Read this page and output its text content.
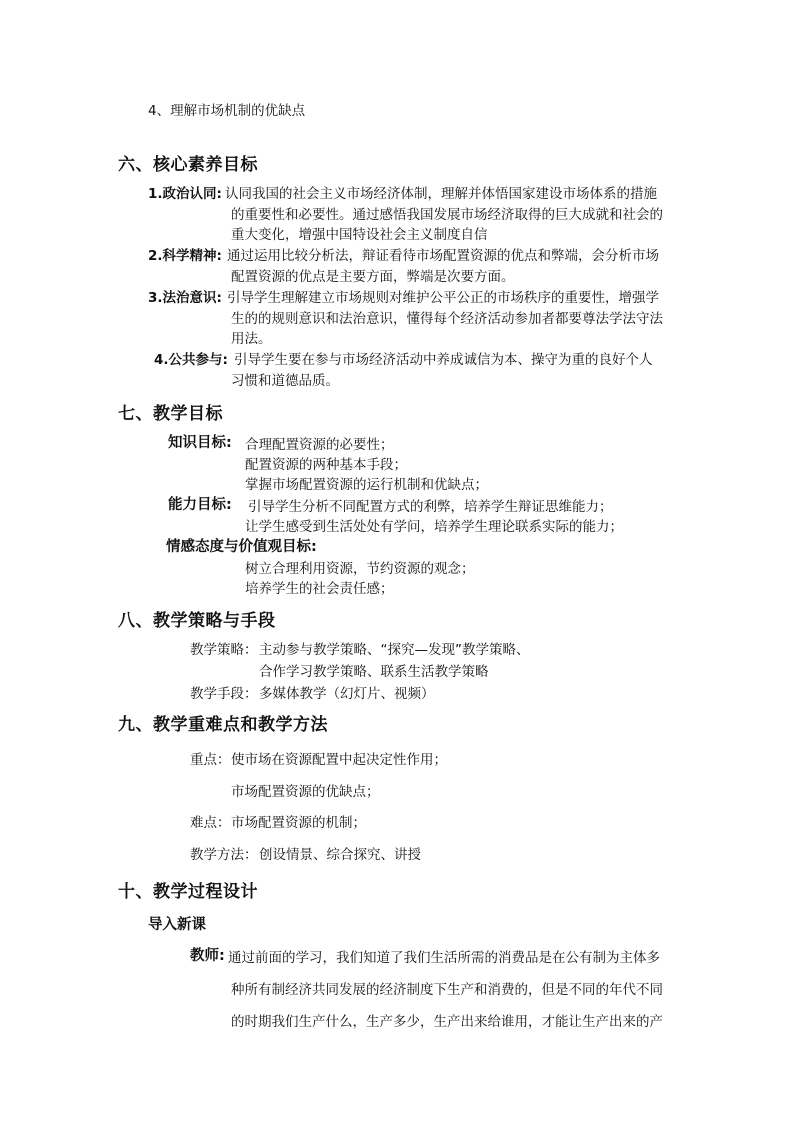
4、理解市场机制的优缺点
六、核心素养目标
1.政治认同: 认同我国的社会主义市场经济体制，理解并体悟国家建设市场体系的措施
的重要性和必要性。通过感悟我国发展市场经济取得的巨大成就和社会的
重大变化，增强中国特设社会主义制度自信
2.科学精神: 通过运用比较分析法，辩证看待市场配置资源的优点和弊端，会分析市场
配置资源的优点是主要方面，弊端是次要方面。
3.法治意识: 引导学生理解建立市场规则对维护公平公正的市场秩序的重要性，增强学
生的的规则意识和法治意识，懂得每个经济活动参加者都要尊法学法守法
用法。
4.公共参与: 引导学生要在参与市场经济活动中养成诚信为本、操守为重的良好个人
习惯和道德品质。
七、教学目标
知识目标: 合理配置资源的必要性；
配置资源的两种基本手段；
掌握市场配置资源的运行机制和优缺点；
能力目标: 引导学生分析不同配置方式的利弊，培养学生辩证思维能力；
让学生感受到生活处处有学问，培养学生理论联系实际的能力；
情感态度与价值观目标:
树立合理利用资源，节约资源的观念；
培养学生的社会责任感；
八、教学策略与手段
教学策略： 主动参与教学策略、“探究—发现”教学策略、
合作学习教学策略、联系生活教学策略
教学手段： 多媒体教学（幻灯片、视频）
九、教学重难点和教学方法
重点： 使市场在资源配置中起决定性作用；
市场配置资源的优缺点；
难点： 市场配置资源的机制；
教学方法： 创设情景、综合探究、讲授
十、教学过程设计
导入新课
教师: 通过前面的学习，我们知道了我们生活所需的消费品是在公有制为主体多
种所有制经济共同发展的经济制度下生产和消费的，但是不同的年代不同
的时期我们生产什么，生产多少，生产出来给谁用，才能让生产出来的产
